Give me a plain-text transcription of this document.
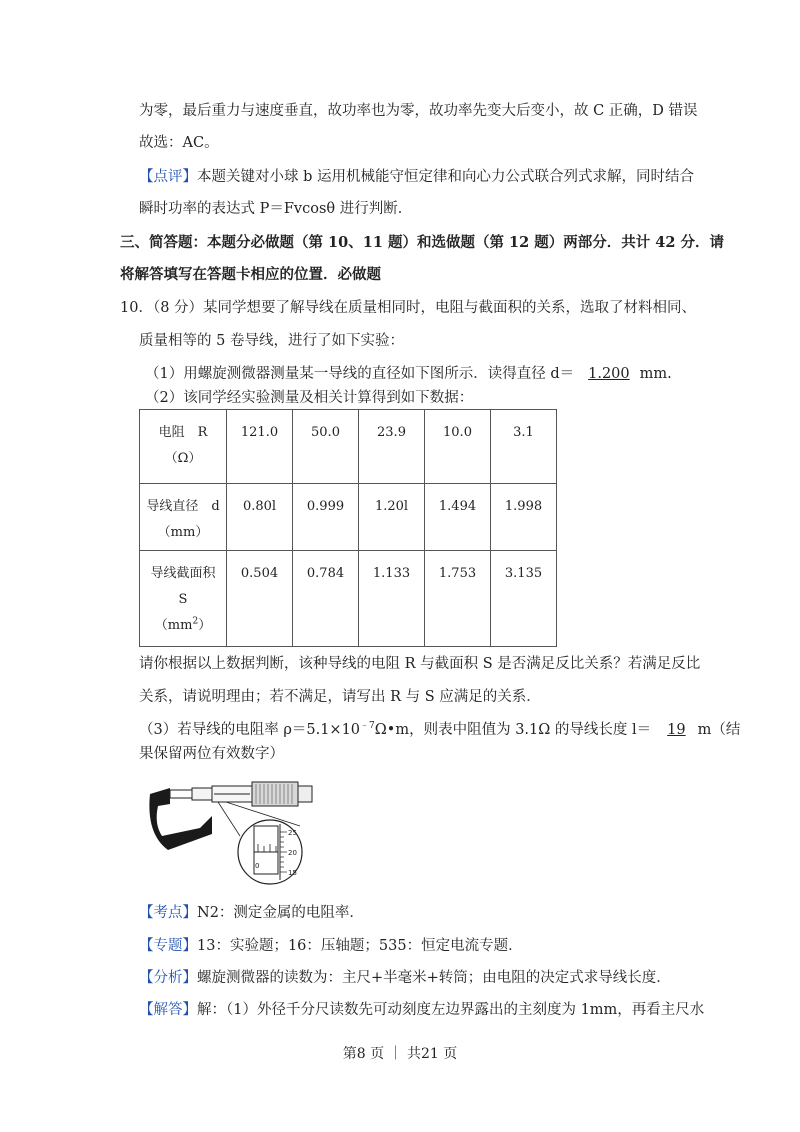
为零，最后重力与速度垂直，故功率也为零，故功率先变大后变小，故 C 正确，D 错误
故选：AC。
【点评】本题关键对小球 b 运用机械能守恒定律和向心力公式联合列式求解，同时结合
瞬时功率的表达式 P＝Fvcosθ 进行判断．
三、简答题：本题分必做题（第 10、11 题）和选做题（第 12 题）两部分．共计 42 分．请
将解答填写在答题卡相应的位置．必做题
10．（8 分）某同学想要了解导线在质量相同时，电阻与截面积的关系，选取了材料相同、
质量相等的 5 卷导线，进行了如下实验：
（1）用螺旋测微器测量某一导线的直径如下图所示．读得直径 d＝ 1.200 mm.
（2）该同学经实验测量及相关计算得到如下数据：
电阻　R
（Ω）	121.0	50.0	23.9	10.0	3.1
导线直径　d
（mm）	0.80l	0.999	1.20l	1.494	1.998
导线截面积
S
$(mm^2)$	0.504	0.784	1.133	1.753	3.135
请你根据以上数据判断，该种导线的电阻 R 与截面积 S 是否满足反比关系？若满足反比
关系，请说明理由；若不满足，请写出 R 与 S 应满足的关系．
（3）若导线的电阻率 $\rho=5.1\times 10^{﹣7}\Omega•m$，则表中阻值为 3.1Ω 的导线长度 l＝ 19 m（结
果保留两位有效数字）
25
20
15
0
【考点】N2：测定金属的电阻率．
【专题】13：实验题；16：压轴题；535：恒定电流专题．
【分析】螺旋测微器的读数为：主尺+半毫米+转筒；由电阻的决定式求导线长度．
【解答】解：（1）外径千分尺读数先可动刻度左边界露出的主刻度为 1mm，再看主尺水
第8 页 ｜ 共21 页
